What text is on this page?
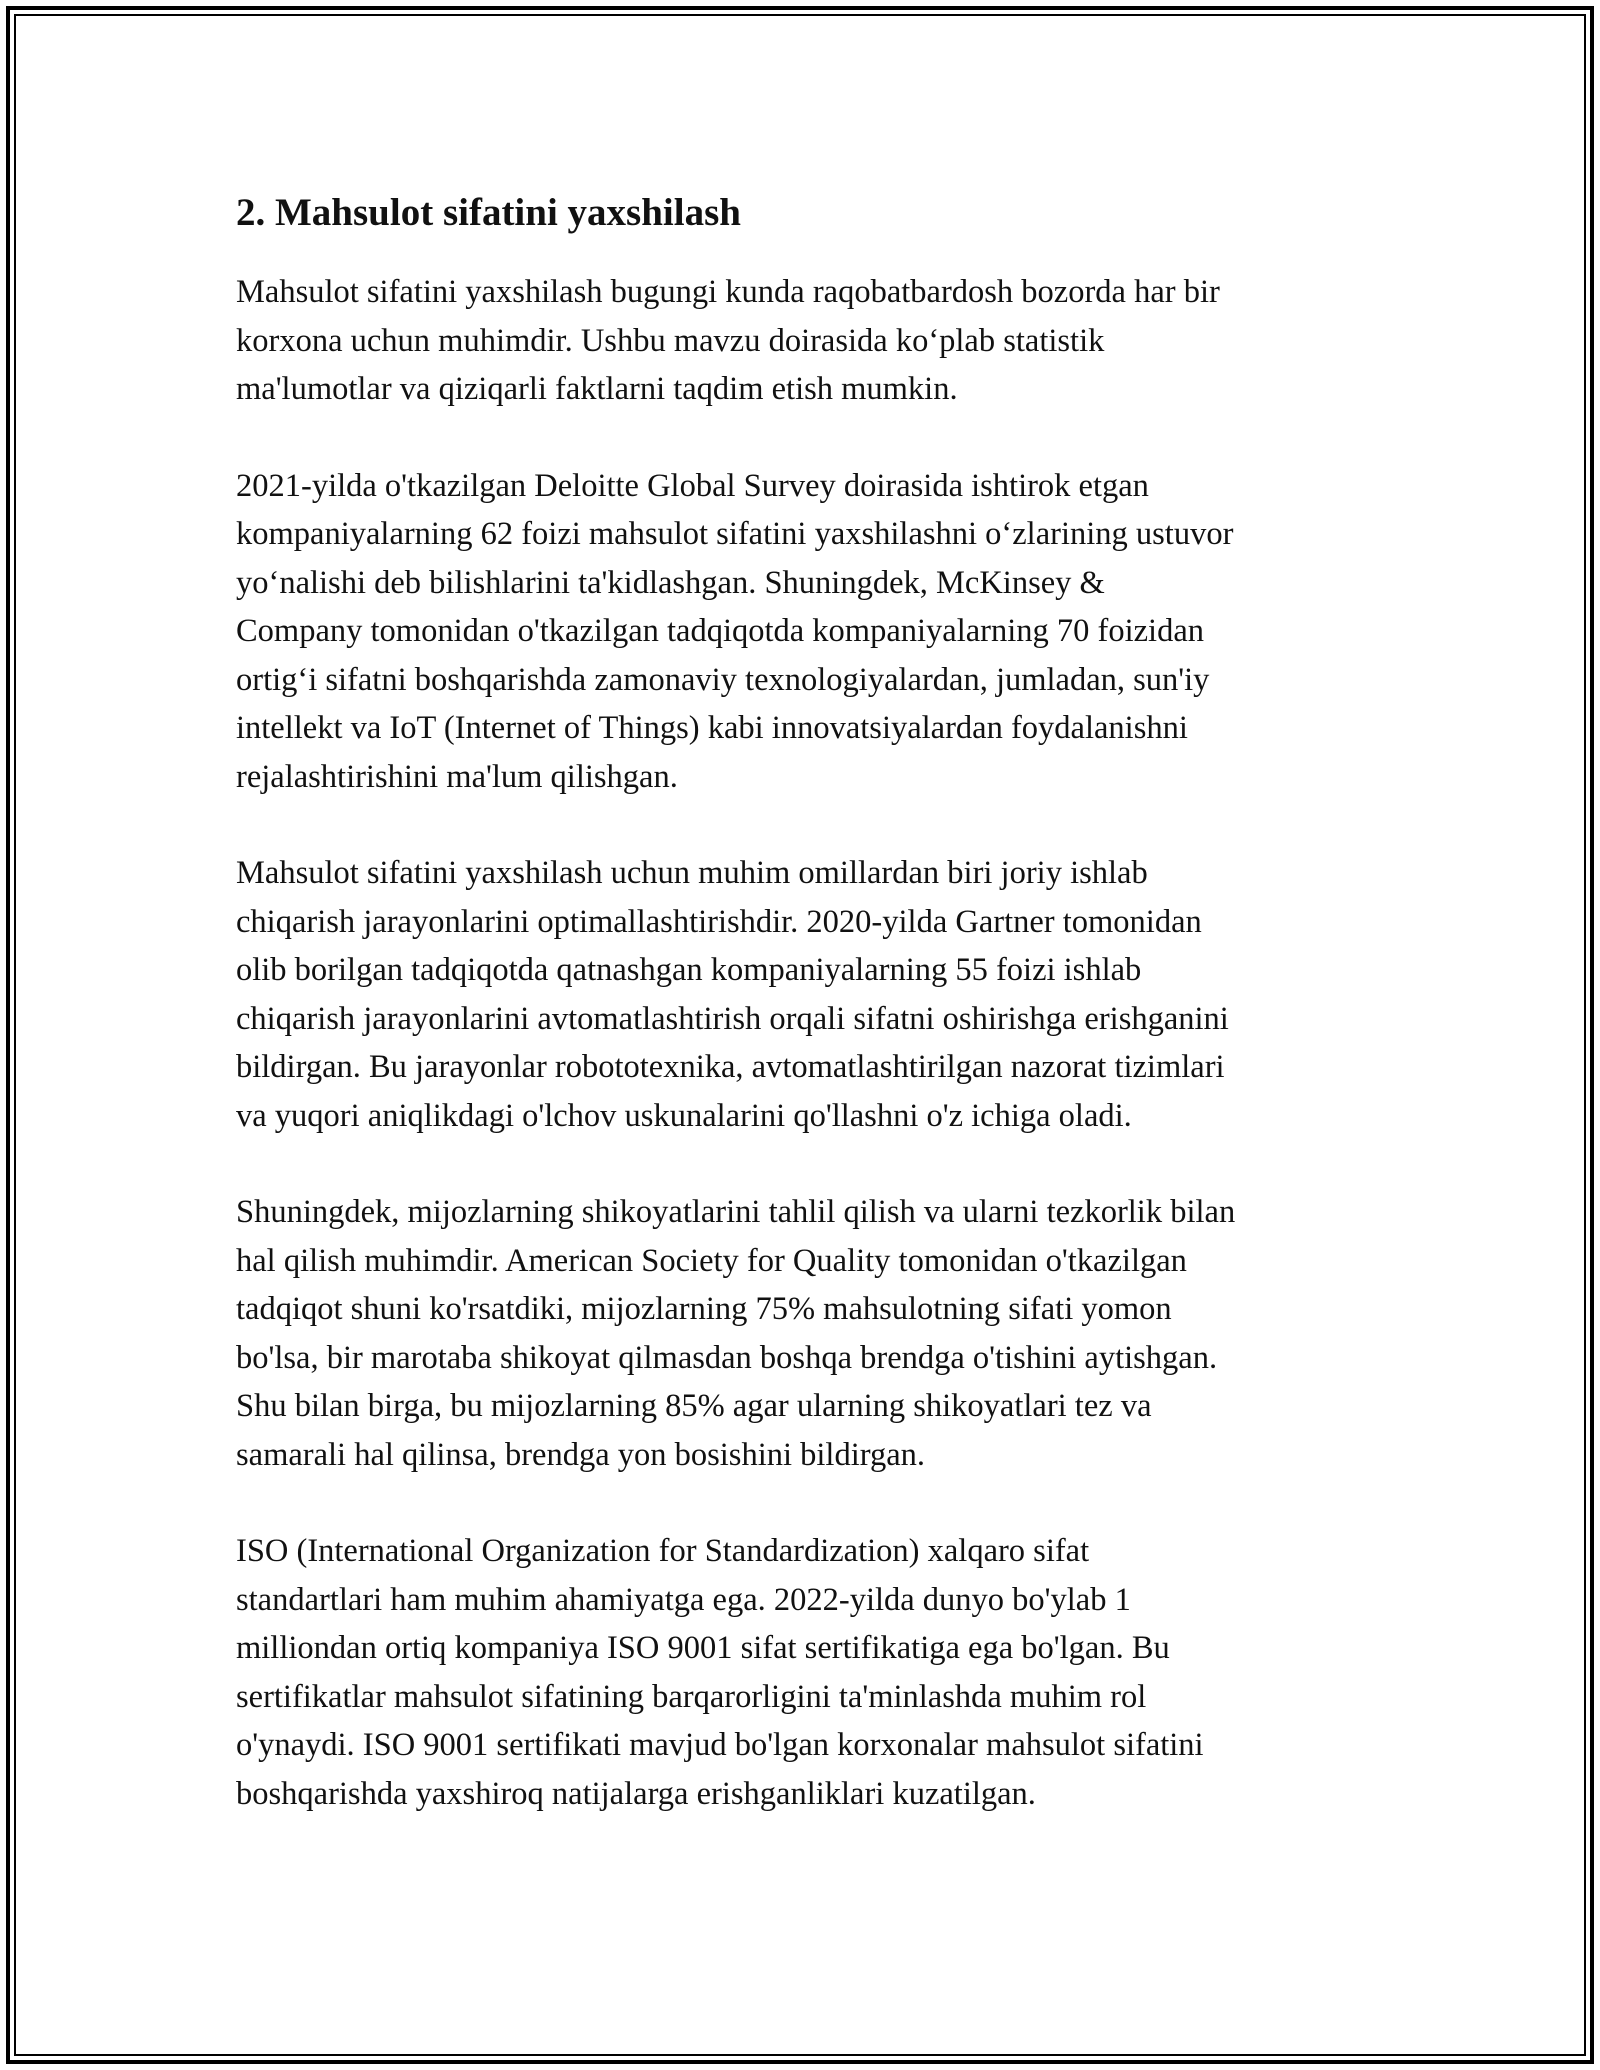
2. Mahsulot sifatini yaxshilash

Mahsulot sifatini yaxshilash bugungi kunda raqobatbardosh bozorda har bir
korxona uchun muhimdir. Ushbu mavzu doirasida ko‘plab statistik
ma'lumotlar va qiziqarli faktlarni taqdim etish mumkin.

2021-yilda o'tkazilgan Deloitte Global Survey doirasida ishtirok etgan
kompaniyalarning 62 foizi mahsulot sifatini yaxshilashni o‘zlarining ustuvor
yo‘nalishi deb bilishlarini ta'kidlashgan. Shuningdek, McKinsey &
Company tomonidan o'tkazilgan tadqiqotda kompaniyalarning 70 foizidan
ortig‘i sifatni boshqarishda zamonaviy texnologiyalardan, jumladan, sun'iy
intellekt va IoT (Internet of Things) kabi innovatsiyalardan foydalanishni
rejalashtirishini ma'lum qilishgan.

Mahsulot sifatini yaxshilash uchun muhim omillardan biri joriy ishlab
chiqarish jarayonlarini optimallashtirishdir. 2020-yilda Gartner tomonidan
olib borilgan tadqiqotda qatnashgan kompaniyalarning 55 foizi ishlab
chiqarish jarayonlarini avtomatlashtirish orqali sifatni oshirishga erishganini
bildirgan. Bu jarayonlar robototexnika, avtomatlashtirilgan nazorat tizimlari
va yuqori aniqlikdagi o'lchov uskunalarini qo'llashni o'z ichiga oladi.

Shuningdek, mijozlarning shikoyatlarini tahlil qilish va ularni tezkorlik bilan
hal qilish muhimdir. American Society for Quality tomonidan o'tkazilgan
tadqiqot shuni ko'rsatdiki, mijozlarning 75% mahsulotning sifati yomon
bo'lsa, bir marotaba shikoyat qilmasdan boshqa brendga o'tishini aytishgan.
Shu bilan birga, bu mijozlarning 85% agar ularning shikoyatlari tez va
samarali hal qilinsa, brendga yon bosishini bildirgan.

ISO (International Organization for Standardization) xalqaro sifat
standartlari ham muhim ahamiyatga ega. 2022-yilda dunyo bo'ylab 1
milliondan ortiq kompaniya ISO 9001 sifat sertifikatiga ega bo'lgan. Bu
sertifikatlar mahsulot sifatining barqarorligini ta'minlashda muhim rol
o'ynaydi. ISO 9001 sertifikati mavjud bo'lgan korxonalar mahsulot sifatini
boshqarishda yaxshiroq natijalarga erishganliklari kuzatilgan.
